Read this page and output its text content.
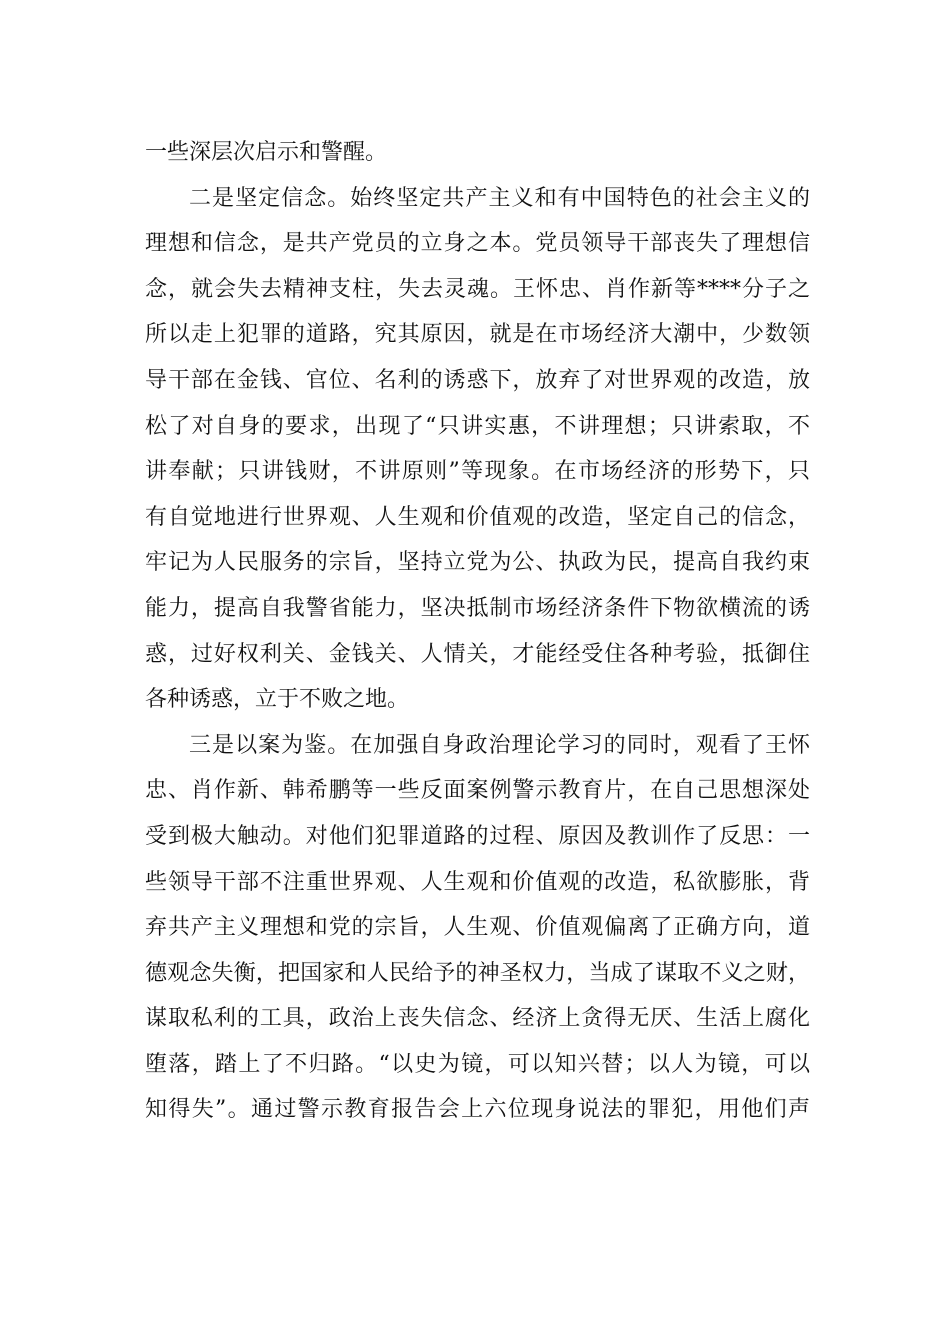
一些深层次启示和警醒。
二是坚定信念。始终坚定共产主义和有中国特色的社会主义的
理想和信念，是共产党员的立身之本。党员领导干部丧失了理想信
念，就会失去精神支柱，失去灵魂。王怀忠、肖作新等****分子之
所以走上犯罪的道路，究其原因，就是在市场经济大潮中，少数领
导干部在金钱、官位、名利的诱惑下，放弃了对世界观的改造，放
松了对自身的要求，出现了“只讲实惠，不讲理想；只讲索取，不
讲奉献；只讲钱财，不讲原则”等现象。在市场经济的形势下，只
有自觉地进行世界观、人生观和价值观的改造，坚定自己的信念，
牢记为人民服务的宗旨，坚持立党为公、执政为民，提高自我约束
能力，提高自我警省能力，坚决抵制市场经济条件下物欲横流的诱
惑，过好权利关、金钱关、人情关，才能经受住各种考验，抵御住
各种诱惑，立于不败之地。
三是以案为鉴。在加强自身政治理论学习的同时，观看了王怀
忠、肖作新、韩希鹏等一些反面案例警示教育片，在自己思想深处
受到极大触动。对他们犯罪道路的过程、原因及教训作了反思：一
些领导干部不注重世界观、人生观和价值观的改造，私欲膨胀，背
弃共产主义理想和党的宗旨，人生观、价值观偏离了正确方向，道
德观念失衡，把国家和人民给予的神圣权力，当成了谋取不义之财，
谋取私利的工具，政治上丧失信念、经济上贪得无厌、生活上腐化
堕落，踏上了不归路。“以史为镜，可以知兴替；以人为镜，可以
知得失”。通过警示教育报告会上六位现身说法的罪犯，用他们声
